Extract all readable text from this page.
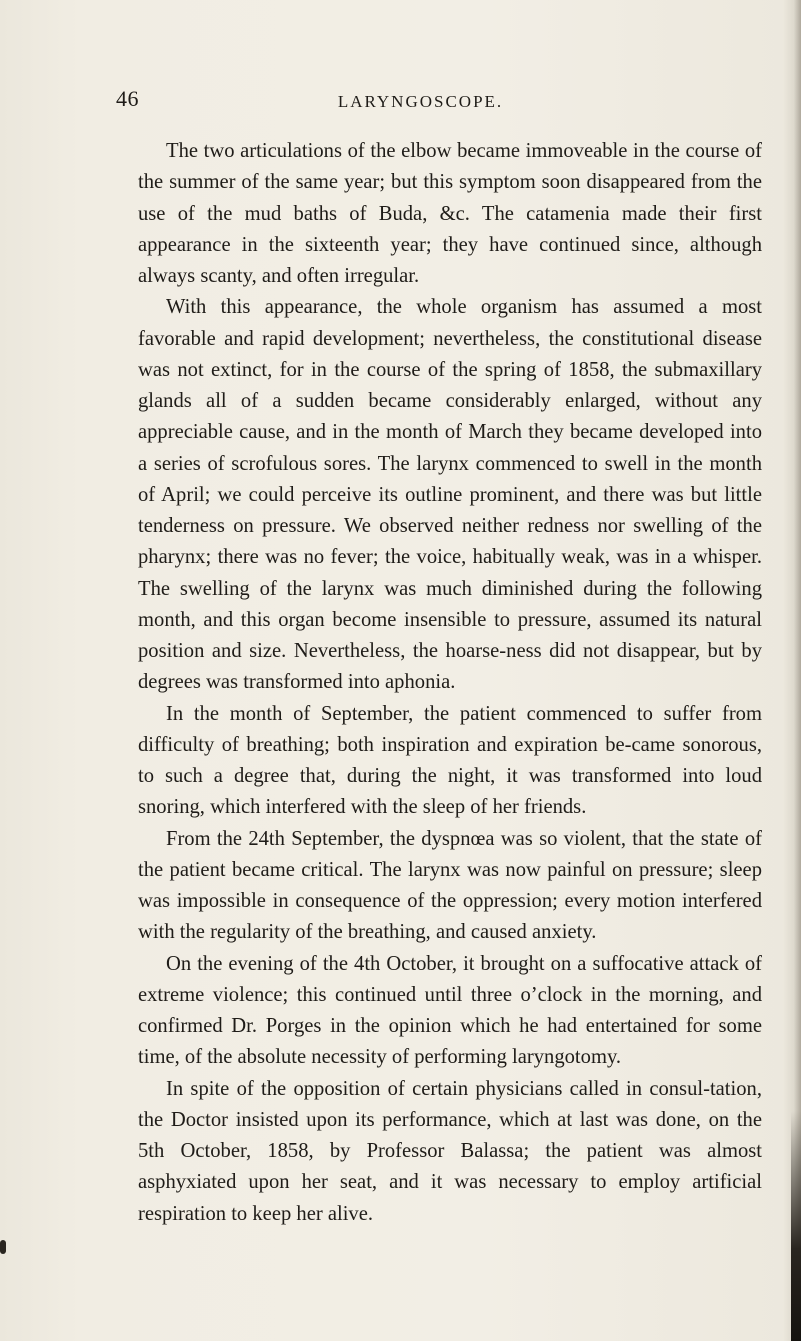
46	LARYNGOSCOPE.

The two articulations of the elbow became immoveable in the course of the summer of the same year; but this symptom soon disappeared from the use of the mud baths of Buda, &c. The catamenia made their first appearance in the sixteenth year; they have continued since, although always scanty, and often irregular.

With this appearance, the whole organism has assumed a most favorable and rapid development; nevertheless, the constitutional disease was not extinct, for in the course of the spring of 1858, the submaxillary glands all of a sudden became considerably enlarged, without any appreciable cause, and in the month of March they became developed into a series of scrofulous sores. The larynx commenced to swell in the month of April; we could perceive its outline prominent, and there was but little tenderness on pressure. We observed neither redness nor swelling of the pharynx; there was no fever; the voice, habitually weak, was in a whisper. The swelling of the larynx was much diminished during the following month, and this organ become insensible to pressure, assumed its natural position and size. Nevertheless, the hoarse-ness did not disappear, but by degrees was transformed into aphonia.

In the month of September, the patient commenced to suffer from difficulty of breathing; both inspiration and expiration be-came sonorous, to such a degree that, during the night, it was transformed into loud snoring, which interfered with the sleep of her friends.

From the 24th September, the dyspnœa was so violent, that the state of the patient became critical. The larynx was now painful on pressure; sleep was impossible in consequence of the oppression; every motion interfered with the regularity of the breathing, and caused anxiety.

On the evening of the 4th October, it brought on a suffocative attack of extreme violence; this continued until three o’clock in the morning, and confirmed Dr. Porges in the opinion which he had entertained for some time, of the absolute necessity of performing laryngotomy.

In spite of the opposition of certain physicians called in consul-tation, the Doctor insisted upon its performance, which at last was done, on the 5th October, 1858, by Professor Balassa; the patient was almost asphyxiated upon her seat, and it was necessary to employ artificial respiration to keep her alive.
